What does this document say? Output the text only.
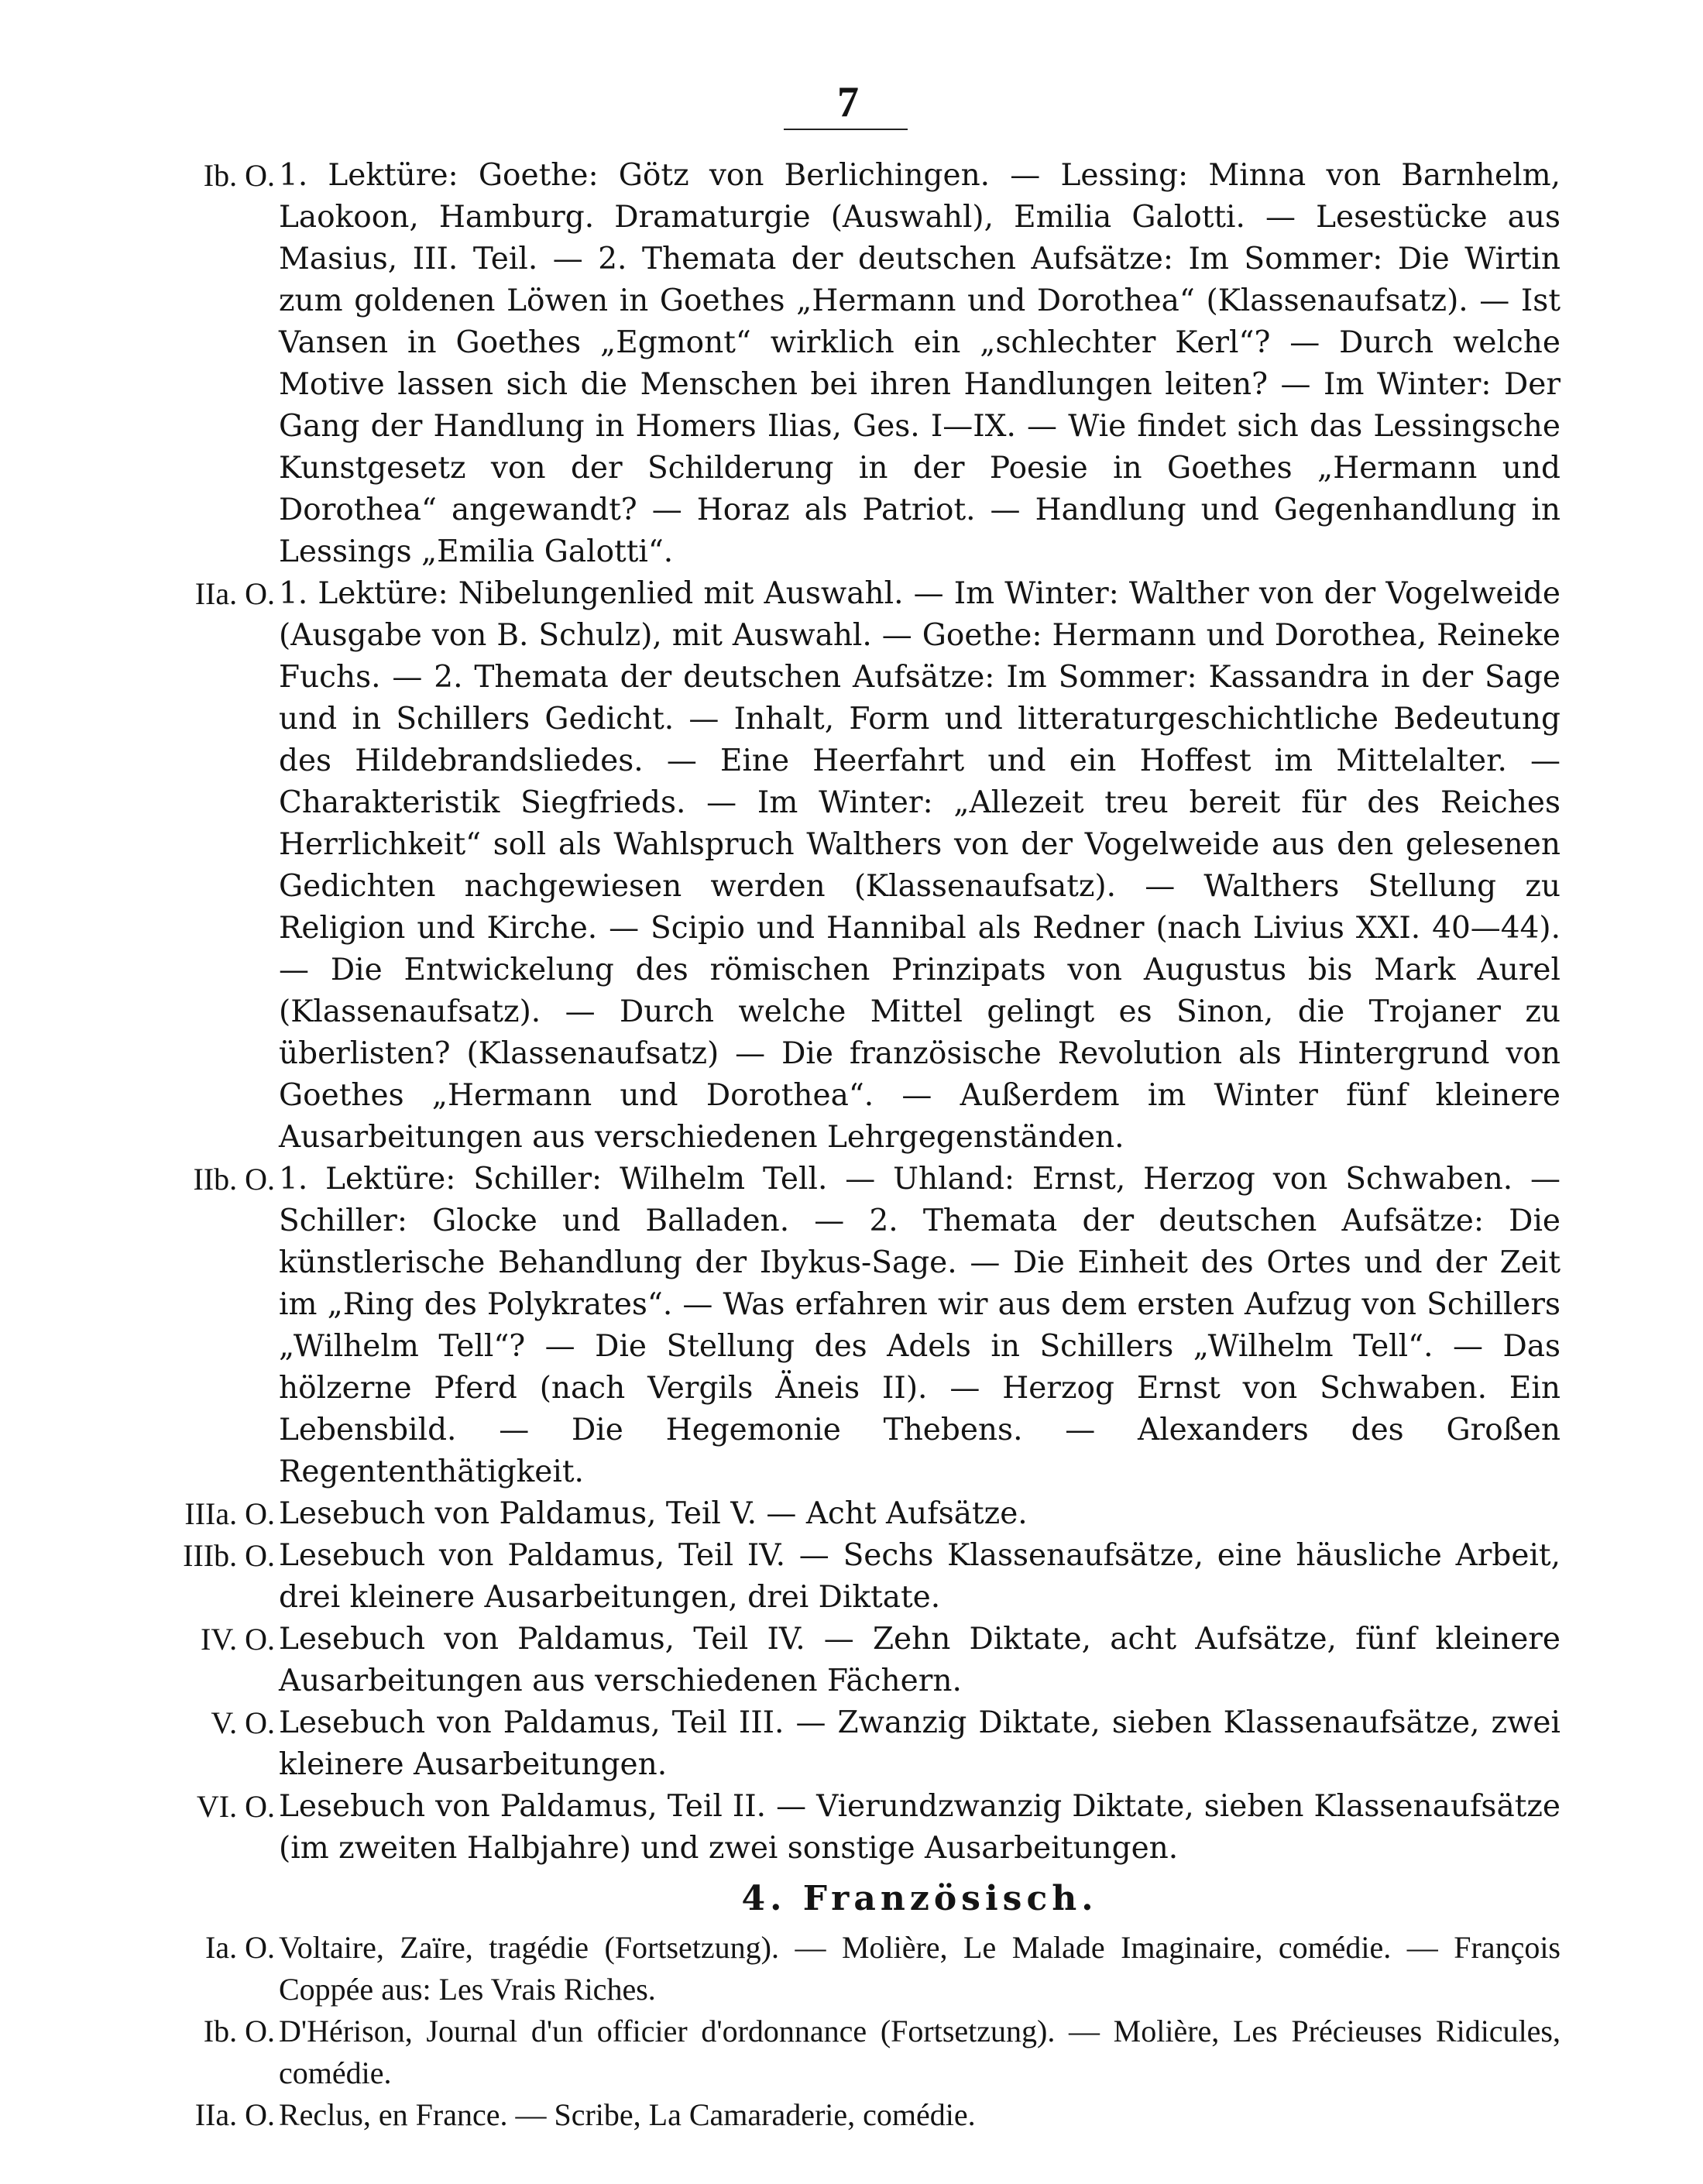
7
Ib. O. 1. Lektüre: Goethe: Götz von Berlichingen. — Lessing: Minna von Barnhelm, Laokoon, Hamburg. Dramaturgie (Auswahl), Emilia Galotti. — Lesestücke aus Masius, III. Teil. — 2. Themata der deutschen Aufsätze: Im Sommer: Die Wirtin zum goldenen Löwen in Goethes „Hermann und Dorothea“ (Klassenaufsatz). — Ist Vansen in Goethes „Egmont“ wirklich ein „schlechter Kerl“? — Durch welche Motive lassen sich die Menschen bei ihren Handlungen leiten? — Im Winter: Der Gang der Handlung in Homers Ilias, Ges. I—IX. — Wie findet sich das Lessingsche Kunstgesetz von der Schilderung in der Poesie in Goethes „Hermann und Dorothea“ angewandt? — Horaz als Patriot. — Handlung und Gegenhandlung in Lessings „Emilia Galotti“.
IIa. O. 1. Lektüre: Nibelungenlied mit Auswahl. — Im Winter: Walther von der Vogelweide (Ausgabe von B. Schulz), mit Auswahl. — Goethe: Hermann und Dorothea, Reineke Fuchs. — 2. Themata der deutschen Aufsätze: Im Sommer: Kassandra in der Sage und in Schillers Gedicht. — Inhalt, Form und litteraturgeschichtliche Bedeutung des Hildebrandsliedes. — Eine Heerfahrt und ein Hoffest im Mittelalter. — Charakteristik Siegfrieds. — Im Winter: „Allezeit treu bereit für des Reiches Herrlichkeit“ soll als Wahlspruch Walthers von der Vogelweide aus den gelesenen Gedichten nachgewiesen werden (Klassenaufsatz). — Walthers Stellung zu Religion und Kirche. — Scipio und Hannibal als Redner (nach Livius XXI. 40—44). — Die Entwickelung des römischen Prinzipats von Augustus bis Mark Aurel (Klassenaufsatz). — Durch welche Mittel gelingt es Sinon, die Trojaner zu überlisten? (Klassenaufsatz) — Die französische Revolution als Hintergrund von Goethes „Hermann und Dorothea“. — Außerdem im Winter fünf kleinere Ausarbeitungen aus verschiedenen Lehrgegenständen.
IIb. O. 1. Lektüre: Schiller: Wilhelm Tell. — Uhland: Ernst, Herzog von Schwaben. — Schiller: Glocke und Balladen. — 2. Themata der deutschen Aufsätze: Die künstlerische Behandlung der Ibykus-Sage. — Die Einheit des Ortes und der Zeit im „Ring des Polykrates“. — Was erfahren wir aus dem ersten Aufzug von Schillers „Wilhelm Tell“? — Die Stellung des Adels in Schillers „Wilhelm Tell“. — Das hölzerne Pferd (nach Vergils Äneis II). — Herzog Ernst von Schwaben. Ein Lebensbild. — Die Hegemonie Thebens. — Alexanders des Großen Regententhätigkeit.
IIIa. O. Lesebuch von Paldamus, Teil V. — Acht Aufsätze.
IIIb. O. Lesebuch von Paldamus, Teil IV. — Sechs Klassenaufsätze, eine häusliche Arbeit, drei kleinere Ausarbeitungen, drei Diktate.
IV. O. Lesebuch von Paldamus, Teil IV. — Zehn Diktate, acht Aufsätze, fünf kleinere Ausarbeitungen aus verschiedenen Fächern.
V. O. Lesebuch von Paldamus, Teil III. — Zwanzig Diktate, sieben Klassenaufsätze, zwei kleinere Ausarbeitungen.
VI. O. Lesebuch von Paldamus, Teil II. — Vierundzwanzig Diktate, sieben Klassenaufsätze (im zweiten Halbjahre) und zwei sonstige Ausarbeitungen.
4. Französisch.
Ia. O. Voltaire, Zaïre, tragédie (Fortsetzung). — Molière, Le Malade Imaginaire, comédie. — François Coppée aus: Les Vrais Riches.
Ib. O. D'Hérison, Journal d'un officier d'ordonnance (Fortsetzung). — Molière, Les Précieuses Ridicules, comédie.
IIa. O. Reclus, en France. — Scribe, La Camaraderie, comédie.
